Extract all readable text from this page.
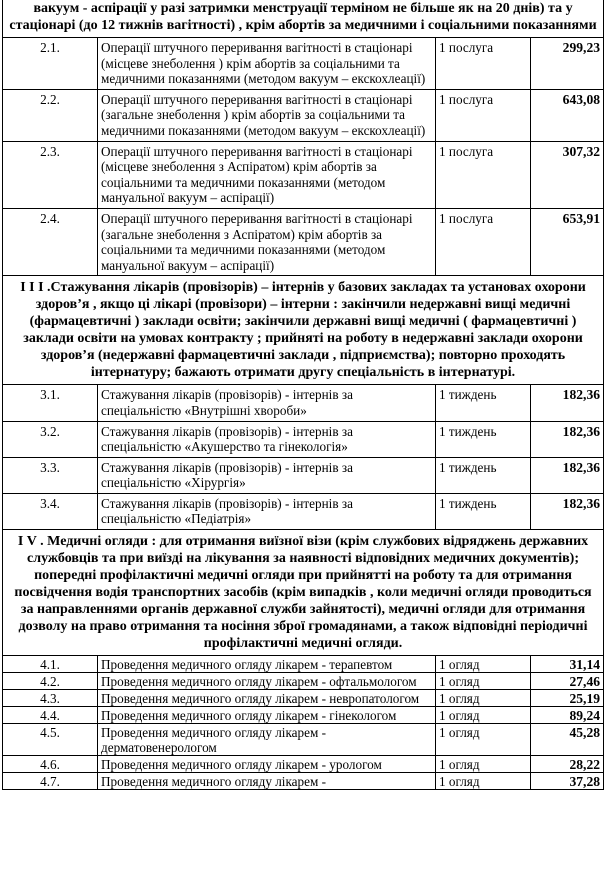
вакуум - аспірації у разі затримки менструації терміном не більше як на 20 днів) та у стаціонарі (до 12 тижнів вагітності) , крім абортів за медичними і соціальними показаннями			
2.1.	Операції штучного переривання вагітності в стаціонарі (місцеве знеболення ) крім абортів за соціальними та медичними показаннями (методом вакуум – екскохлеації)	1 послуга	299,23
2.2.	Операції штучного переривання вагітності в стаціонарі (загальне знеболення ) крім абортів за соціальними та медичними показаннями (методом вакуум – екскохлеації)	1 послуга	643,08
2.3.	Операції штучного переривання вагітності в стаціонарі (місцеве знеболення з Аспіратом) крім абортів за соціальними та медичними показаннями (методом мануальної вакуум – аспірації)	1 послуга	307,32
2.4.	Операції штучного переривання вагітності в стаціонарі (загальне знеболення з Аспіратом) крім абортів за соціальними та медичними показаннями (методом мануальної вакуум – аспірації)	1 послуга	653,91
І І І .Стажування лікарів (провізорів) – інтернів у базових закладах та установах охорони здоров’я , якщо ці лікарі (провізори) – інтерни : закінчили недержавні вищі медичні (фармацевтичні ) заклади освіти; закінчили державні вищі медичні ( фармацевтичні ) заклади освіти на умовах контракту ; прийняті на роботу в недержавні заклади охорони здоров’я (недержавні фармацевтичні заклади , підприємства); повторно проходять інтернатуру; бажають отримати другу спеціальність в інтернатурі.			
3.1.	Стажування лікарів (провізорів) - інтернів за спеціальністю «Внутрішні хвороби»	1 тиждень	182,36
3.2.	Стажування лікарів (провізорів) - інтернів за спеціальністю «Акушерство та гінекологія»	1 тиждень	182,36
3.3.	Стажування лікарів (провізорів) - інтернів за спеціальністю «Хірургія»	1 тиждень	182,36
3.4.	Стажування лікарів (провізорів) - інтернів за спеціальністю «Педіатрія»	1 тиждень	182,36
І V . Медичні огляди : для отримання виїзної візи (крім службових відряджень державних службовців та при виїзді на лікування за наявності відповідних медичних документів); попередні профілактичні медичні огляди при прийнятті на роботу та для отримання посвідчення водія транспортних засобів (крім випадків , коли медичні огляди проводиться за направленнями органів державної служби зайнятості), медичні огляди для отримання дозволу на право отримання та носіння зброї громадянами, а також відповідні періодичні профілактичні медичні огляди.			
4.1.	Проведення медичного огляду лікарем - терапевтом	1 огляд	31,14
4.2.	Проведення медичного огляду лікарем - офтальмологом	1 огляд	27,46
4.3.	Проведення медичного огляду лікарем - невропатологом	1 огляд	25,19
4.4.	Проведення медичного огляду лікарем - гінекологом	1 огляд	89,24
4.5.	Проведення медичного огляду лікарем - дерматовенерологом	1 огляд	45,28
4.6.	Проведення медичного огляду лікарем - урологом	1 огляд	28,22
4.7.	Проведення медичного огляду лікарем -	1 огляд	37,28
